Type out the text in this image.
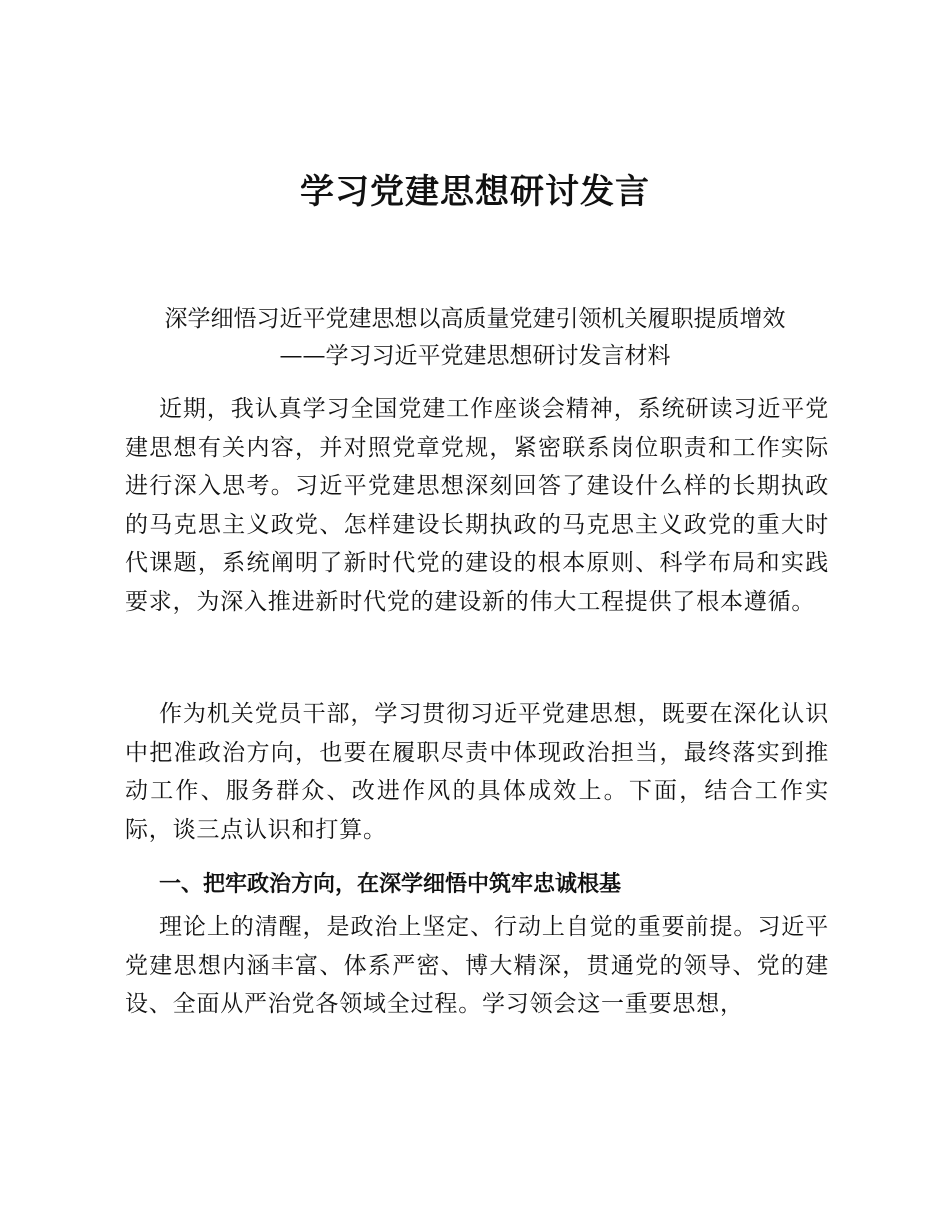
学习党建思想研讨发言

深学细悟习近平党建思想以高质量党建引领机关履职提质增效

——学习习近平党建思想研讨发言材料

近期，我认真学习全国党建工作座谈会精神，系统研读习近平党建思想有关内容，并对照党章党规，紧密联系岗位职责和工作实际进行深入思考。习近平党建思想深刻回答了建设什么样的长期执政的马克思主义政党、怎样建设长期执政的马克思主义政党的重大时代课题，系统阐明了新时代党的建设的根本原则、科学布局和实践要求，为深入推进新时代党的建设新的伟大工程提供了根本遵循。

作为机关党员干部，学习贯彻习近平党建思想，既要在深化认识中把准政治方向，也要在履职尽责中体现政治担当，最终落实到推动工作、服务群众、改进作风的具体成效上。下面，结合工作实际，谈三点认识和打算。

一、把牢政治方向，在深学细悟中筑牢忠诚根基

理论上的清醒，是政治上坚定、行动上自觉的重要前提。习近平党建思想内涵丰富、体系严密、博大精深，贯通党的领导、党的建设、全面从严治党各领域全过程。学习领会这一重要思想，
